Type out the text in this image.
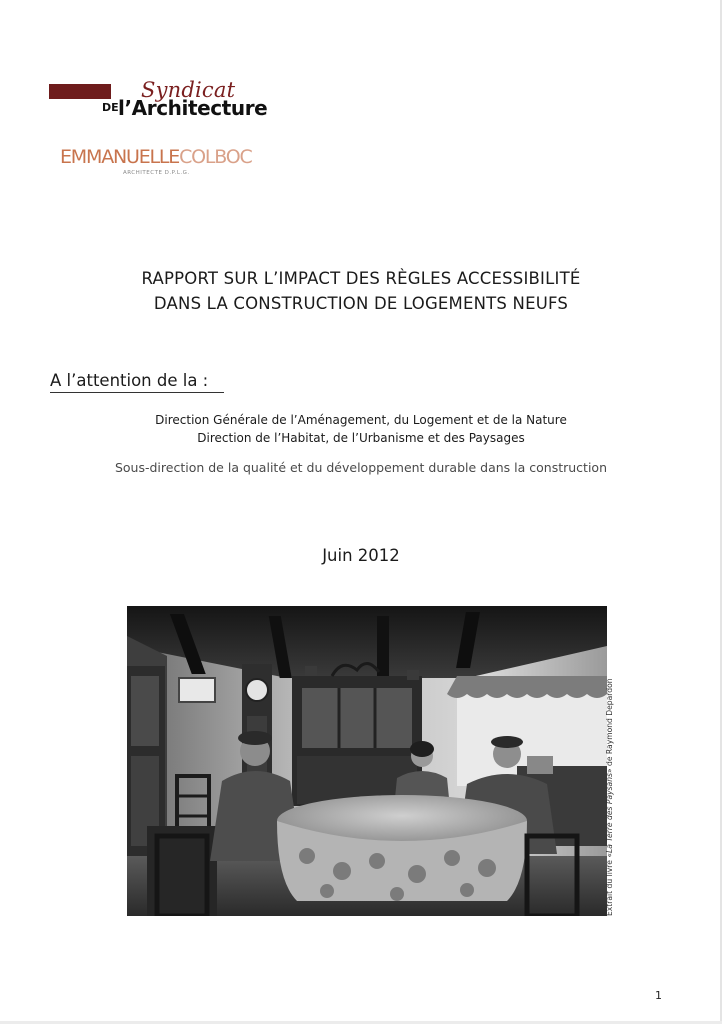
Syndicat
DE l’Architecture
EMMANUELLECOLBOC
ARCHITECTE D.P.L.G.
RAPPORT SUR L’IMPACT DES RÈGLES ACCESSIBILITÉ
DANS LA CONSTRUCTION DE LOGEMENTS NEUFS
A l’attention de la :
Direction Générale de l’Aménagement, du Logement et de la Nature
Direction de l’Habitat, de l’Urbanisme et des Paysages
Sous-direction de la qualité et du développement durable dans la construction
Juin 2012
Extrait du livre «La Terre des Paysans» de Raymond Depardon
1
